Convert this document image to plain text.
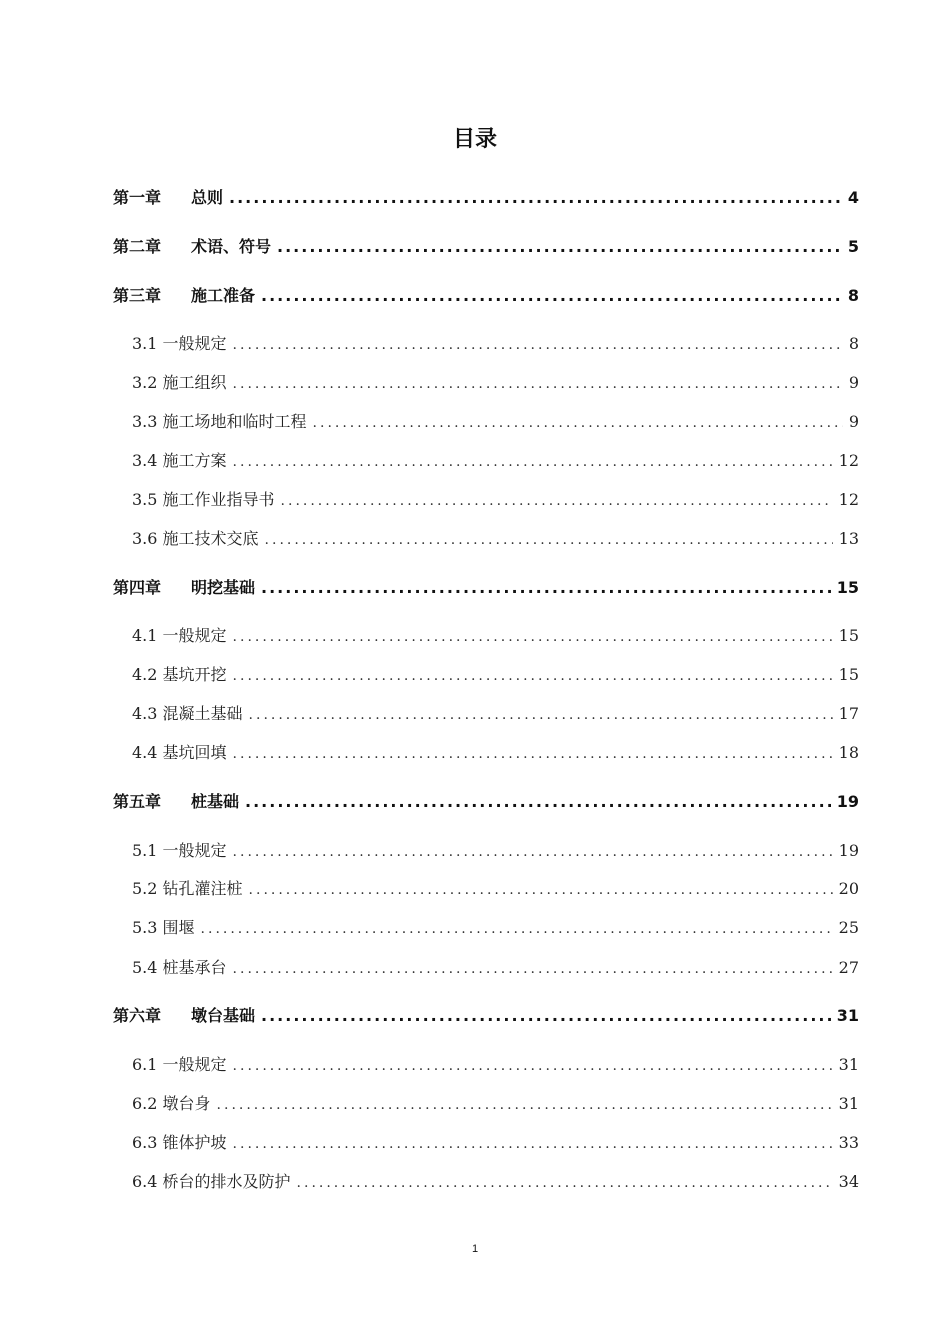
目录
第一章 总则 .....	4
第二章 术语、符号 .....	5
第三章 施工准备 .....	8
3.1 一般规定 .....	8
3.2 施工组织 .....	9
3.3 施工场地和临时工程 .....	9
3.4 施工方案 .....	12
3.5 施工作业指导书 .....	12
3.6 施工技术交底 .....	13
第四章 明挖基础 .....	15
4.1 一般规定 .....	15
4.2 基坑开挖 .....	15
4.3 混凝土基础 .....	17
4.4 基坑回填 .....	18
第五章 桩基础 .....	19
5.1 一般规定 .....	19
5.2 钻孔灌注桩 .....	20
5.3 围堰 .....	25
5.4 桩基承台 .....	27
第六章 墩台基础 .....	31
6.1 一般规定 .....	31
6.2 墩台身 .....	31
6.3 锥体护坡 .....	33
6.4 桥台的排水及防护 .....	34
1
